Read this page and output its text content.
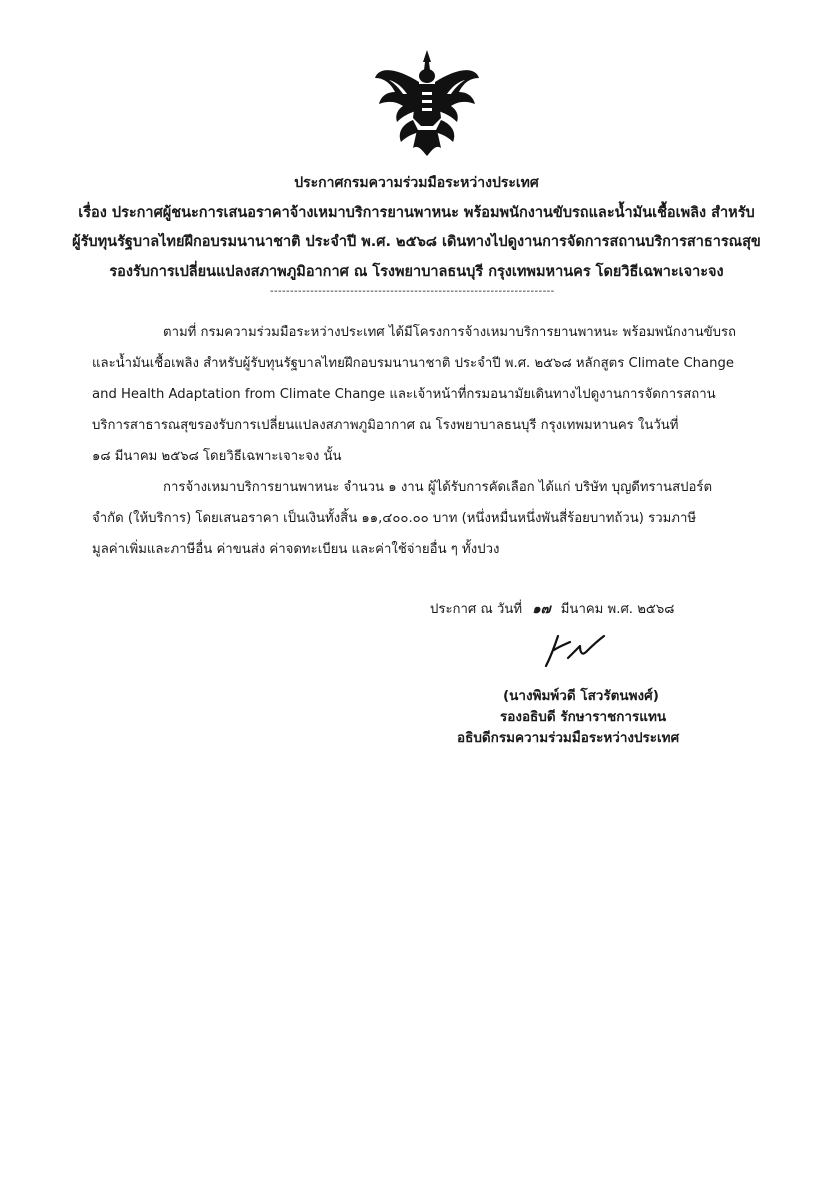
ประกาศกรมความร่วมมือระหว่างประเทศ
เรื่อง ประกาศผู้ชนะการเสนอราคาจ้างเหมาบริการยานพาหนะ พร้อมพนักงานขับรถและน้ำมันเชื้อเพลิง สำหรับ
ผู้รับทุนรัฐบาลไทยฝึกอบรมนานาชาติ ประจำปี พ.ศ. ๒๕๖๘ เดินทางไปดูงานการจัดการสถานบริการสาธารณสุข
รองรับการเปลี่ยนแปลงสภาพภูมิอากาศ ณ โรงพยาบาลธนบุรี กรุงเทพมหานคร โดยวิธีเฉพาะเจาะจง
-----------------------------------------------------------------------
ตามที่ กรมความร่วมมือระหว่างประเทศ ได้มีโครงการจ้างเหมาบริการยานพาหนะ พร้อมพนักงานขับรถ
และน้ำมันเชื้อเพลิง สำหรับผู้รับทุนรัฐบาลไทยฝึกอบรมนานาชาติ ประจำปี พ.ศ. ๒๕๖๘ หลักสูตร Climate Change
and Health Adaptation from Climate Change และเจ้าหน้าที่กรมอนามัยเดินทางไปดูงานการจัดการสถาน
บริการสาธารณสุขรองรับการเปลี่ยนแปลงสภาพภูมิอากาศ ณ โรงพยาบาลธนบุรี กรุงเทพมหานคร ในวันที่
๑๘ มีนาคม ๒๕๖๘ โดยวิธีเฉพาะเจาะจง นั้น
การจ้างเหมาบริการยานพาหนะ จำนวน ๑ งาน ผู้ได้รับการคัดเลือก ได้แก่ บริษัท บุญดีทรานสปอร์ต
จำกัด (ให้บริการ) โดยเสนอราคา เป็นเงินทั้งสิ้น ๑๑,๔๐๐.๐๐ บาท (หนึ่งหมื่นหนึ่งพันสี่ร้อยบาทถ้วน) รวมภาษี
มูลค่าเพิ่มและภาษีอื่น ค่าขนส่ง ค่าจดทะเบียน และค่าใช้จ่ายอื่น ๆ ทั้งปวง
ประกาศ ณ วันที่ ๑๗ มีนาคม พ.ศ. ๒๕๖๘
(นางพิมพ์วดี โสวรัตนพงศ์)
รองอธิบดี รักษาราชการแทน
อธิบดีกรมความร่วมมือระหว่างประเทศ
